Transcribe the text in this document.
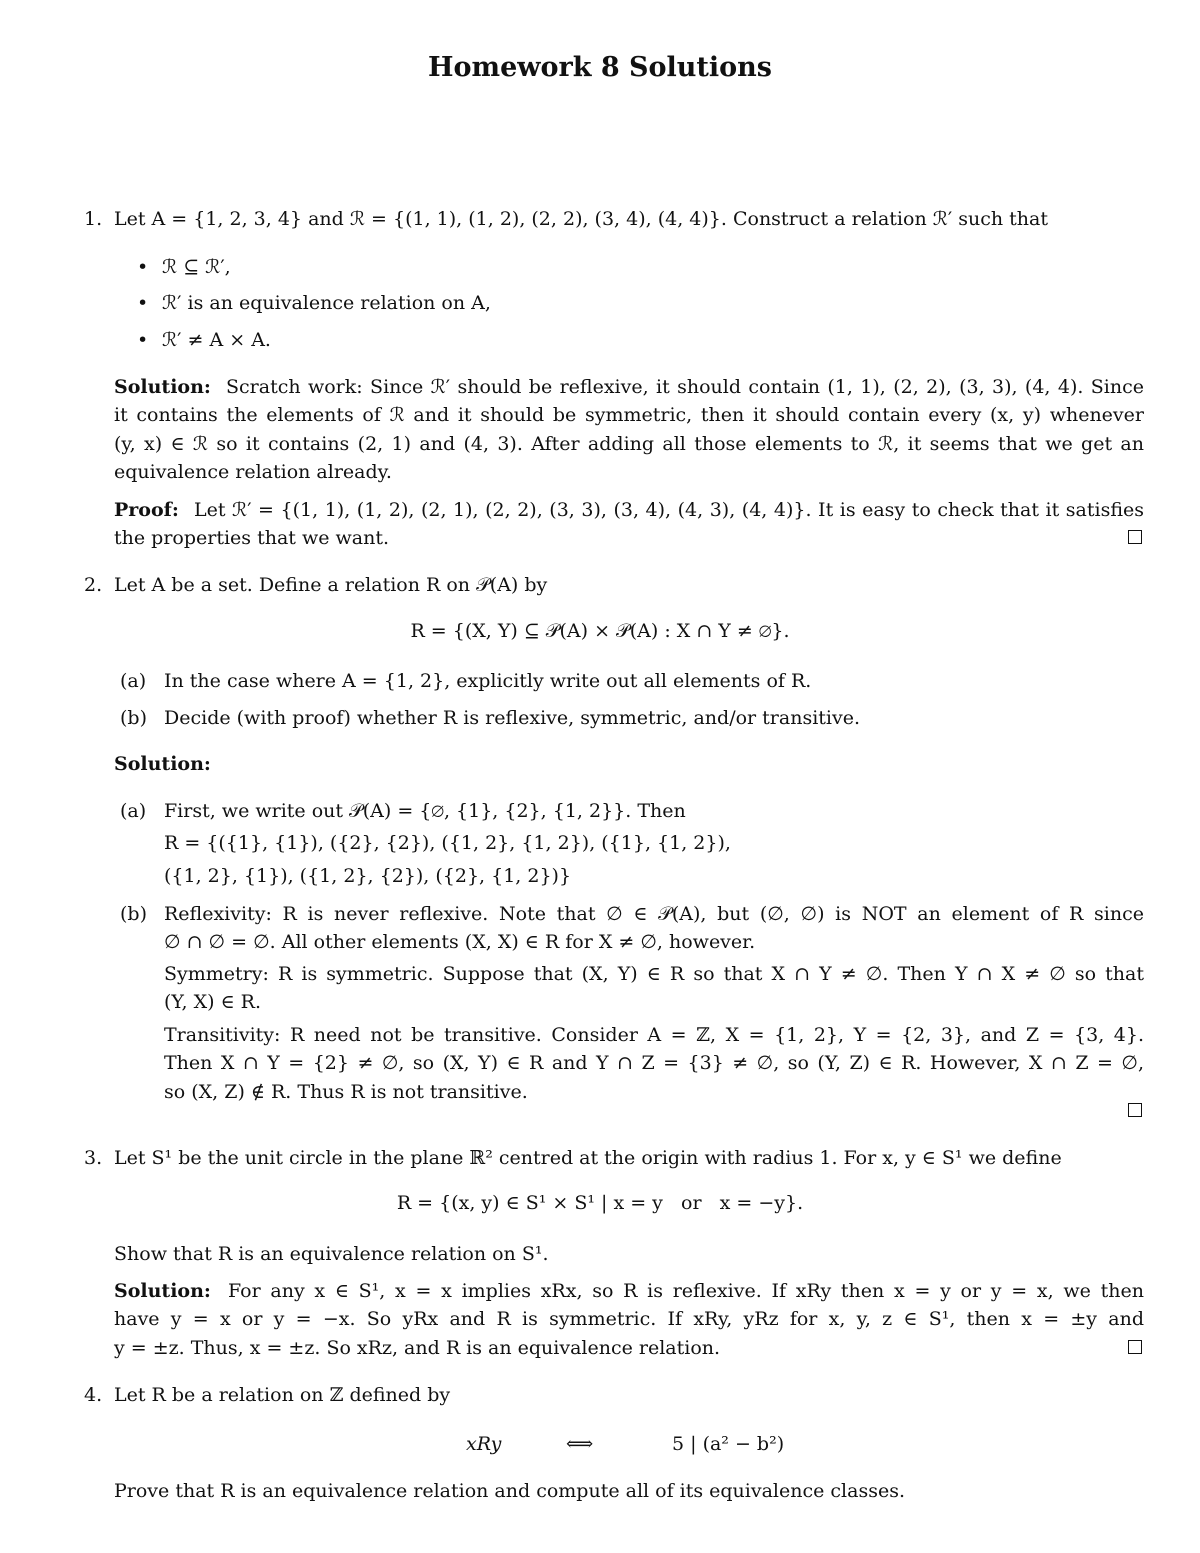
Homework 8 Solutions
1. Let A = {1, 2, 3, 4} and ℛ = {(1, 1), (1, 2), (2, 2), (3, 4), (4, 4)}. Construct a relation ℛ′ such that
• ℛ ⊆ ℛ′,
• ℛ′ is an equivalence relation on A,
• ℛ′ ≠ A × A.
Solution: Scratch work: Since ℛ′ should be reflexive, it should contain (1, 1), (2, 2), (3, 3), (4, 4). Since
it contains the elements of ℛ and it should be symmetric, then it should contain every (x, y) whenever
(y, x) ∈ ℛ so it contains (2, 1) and (4, 3). After adding all those elements to ℛ, it seems that we get an
equivalence relation already.
Proof: Let ℛ′ = {(1, 1), (1, 2), (2, 1), (2, 2), (3, 3), (3, 4), (4, 3), (4, 4)}. It is easy to check that it satisfies
the properties that we want.
2. Let A be a set. Define a relation R on 𝒫(A) by
R = {(X, Y) ⊆ 𝒫(A) × 𝒫(A) : X ∩ Y ≠ ∅}.
(a) In the case where A = {1, 2}, explicitly write out all elements of R.
(b) Decide (with proof) whether R is reflexive, symmetric, and/or transitive.
Solution:
(a) First, we write out 𝒫(A) = {∅, {1}, {2}, {1, 2}}. Then
R = {({1}, {1}), ({2}, {2}), ({1, 2}, {1, 2}), ({1}, {1, 2}),
({1, 2}, {1}), ({1, 2}, {2}), ({2}, {1, 2})}
(b) Reflexivity: R is never reflexive. Note that ∅ ∈ 𝒫(A), but (∅, ∅) is NOT an element of R since
∅ ∩ ∅ = ∅. All other elements (X, X) ∈ R for X ≠ ∅, however.
Symmetry: R is symmetric. Suppose that (X, Y) ∈ R so that X ∩ Y ≠ ∅. Then Y ∩ X ≠ ∅ so that
(Y, X) ∈ R.
Transitivity: R need not be transitive. Consider A = ℤ, X = {1, 2}, Y = {2, 3}, and Z = {3, 4}.
Then X ∩ Y = {2} ≠ ∅, so (X, Y) ∈ R and Y ∩ Z = {3} ≠ ∅, so (Y, Z) ∈ R. However, X ∩ Z = ∅,
so (X, Z) ∉ R. Thus R is not transitive.
3. Let S¹ be the unit circle in the plane ℝ² centred at the origin with radius 1. For x, y ∈ S¹ we define
R = {(x, y) ∈ S¹ × S¹ | x = y   or   x = −y}.
Show that R is an equivalence relation on S¹.
Solution: For any x ∈ S¹, x = x implies xRx, so R is reflexive. If xRy then x = y or y = x, we then
have y = x or y = −x. So yRx and R is symmetric. If xRy, yRz for x, y, z ∈ S¹, then x = ±y and
y = ±z. Thus, x = ±z. So xRz, and R is an equivalence relation.
4. Let R be a relation on ℤ defined by
xRy	⟺	5 | (a² − b²)
Prove that R is an equivalence relation and compute all of its equivalence classes.
